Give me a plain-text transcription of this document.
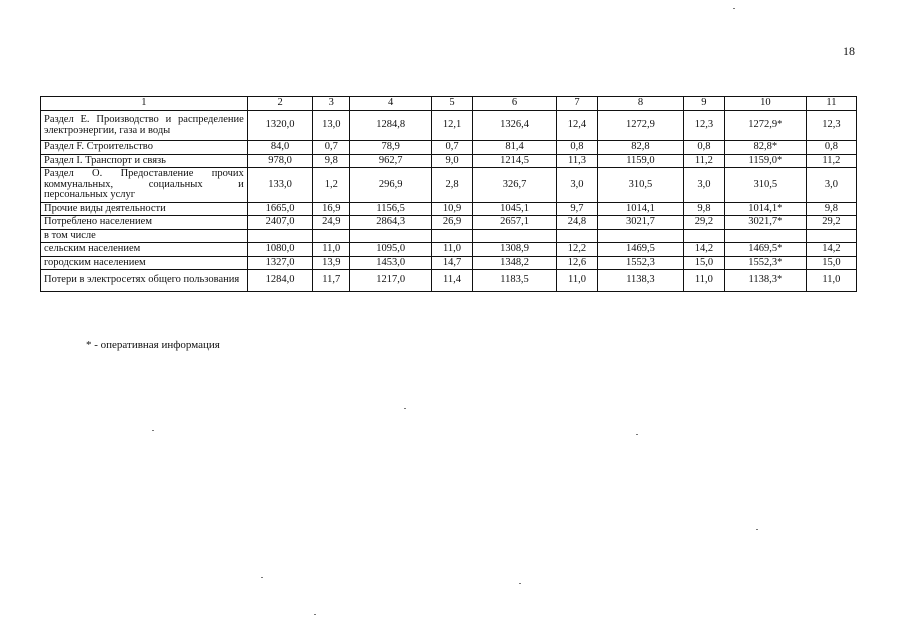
18
1	2	3	4	5	6	7	8	9	10	11
Раздел Е. Производство и распределение электроэнергии, газа и воды	1320,0	13,0	1284,8	12,1	1326,4	12,4	1272,9	12,3	1272,9*	12,3
Раздел F. Строительство	84,0	0,7	78,9	0,7	81,4	0,8	82,8	0,8	82,8*	0,8
Раздел I. Транспорт и связь	978,0	9,8	962,7	9,0	1214,5	11,3	1159,0	11,2	1159,0*	11,2
Раздел О. Предоставление прочих коммунальных, социальных и персональных услуг	133,0	1,2	296,9	2,8	326,7	3,0	310,5	3,0	310,5	3,0
Прочие виды деятельности	1665,0	16,9	1156,5	10,9	1045,1	9,7	1014,1	9,8	1014,1*	9,8
Потреблено населением	2407,0	24,9	2864,3	26,9	2657,1	24,8	3021,7	29,2	3021,7*	29,2
в том числе										
сельским населением	1080,0	11,0	1095,0	11,0	1308,9	12,2	1469,5	14,2	1469,5*	14,2
городским населением	1327,0	13,9	1453,0	14,7	1348,2	12,6	1552,3	15,0	1552,3*	15,0
Потери в электросетях общего пользования	1284,0	11,7	1217,0	11,4	1183,5	11,0	1138,3	11,0	1138,3*	11,0
* - оперативная информация
